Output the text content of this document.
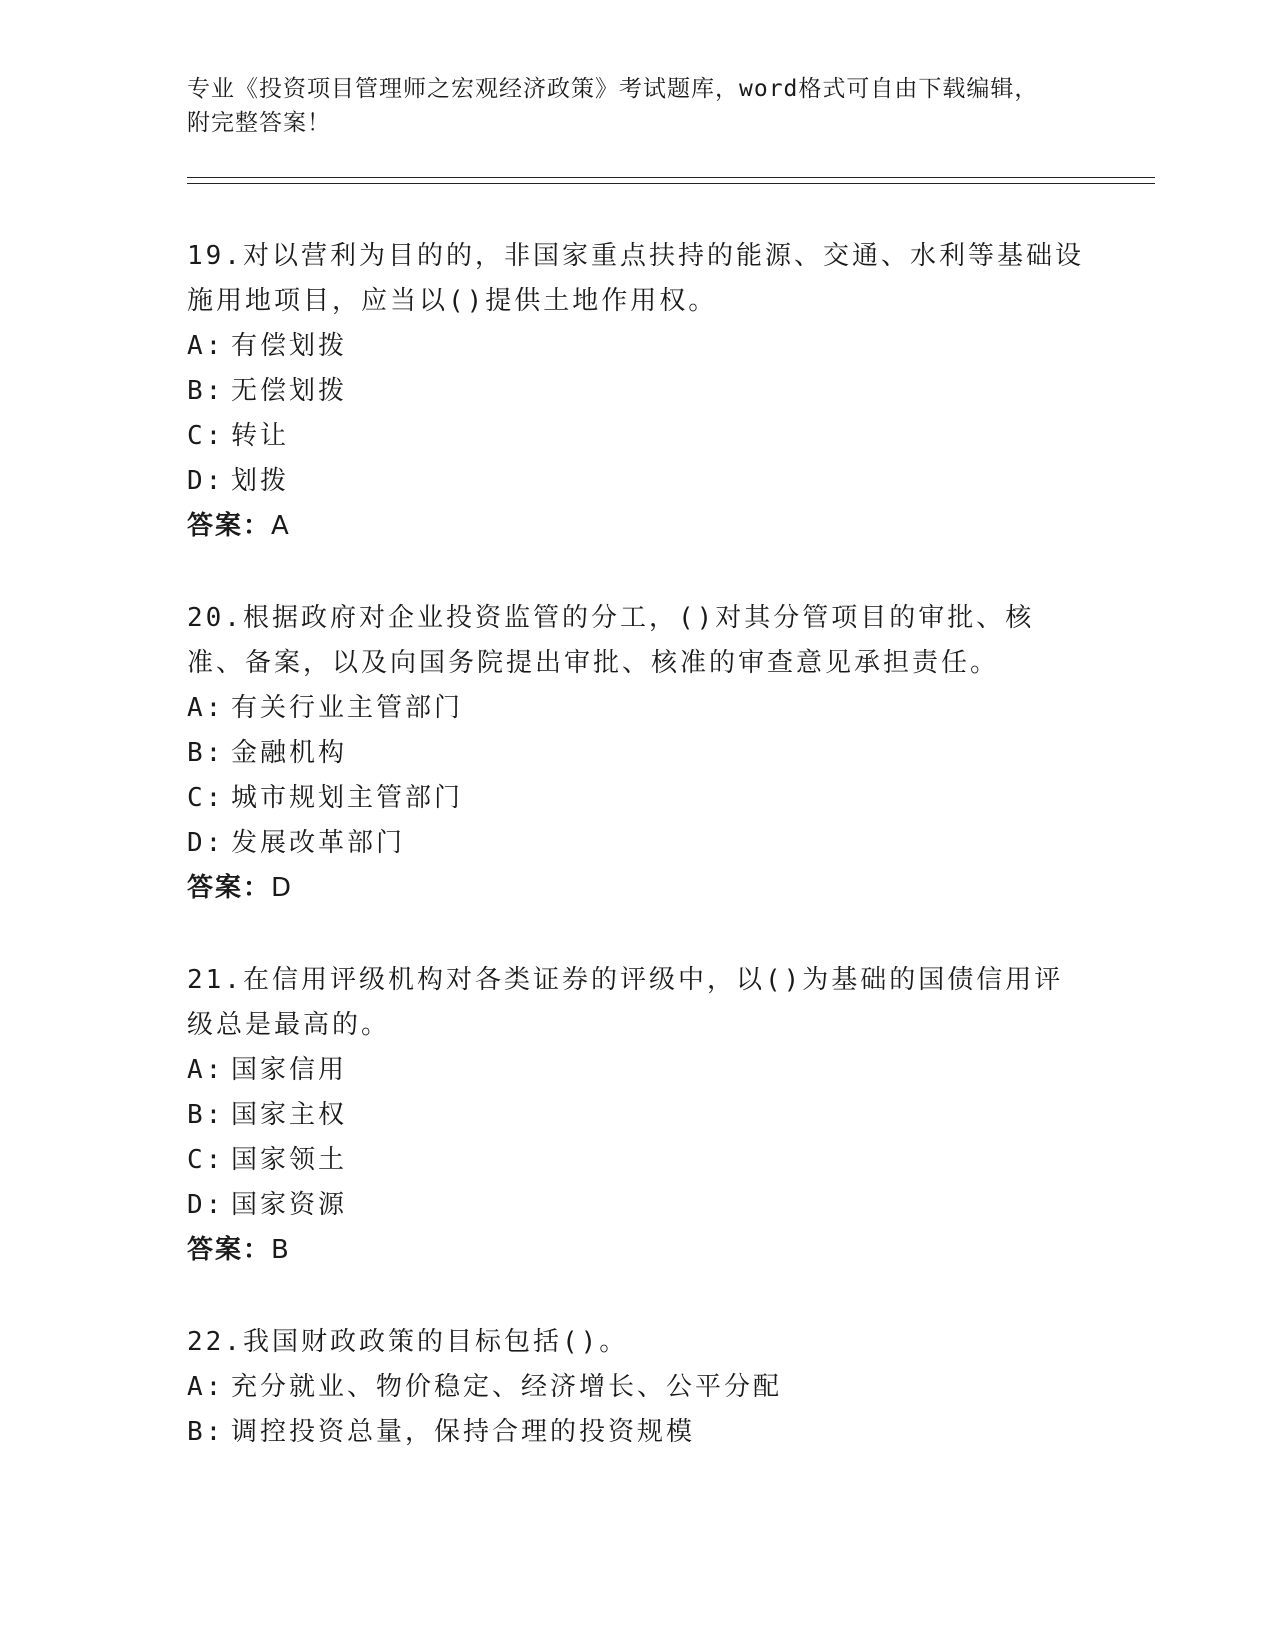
专业《投资项目管理师之宏观经济政策》考试题库，word格式可自由下载编辑，
附完整答案！

19.对以营利为目的的，非国家重点扶持的能源、交通、水利等基础设施用地项目，应当以()提供土地作用权。

A: 有偿划拨

B: 无偿划拨

C: 转让

D: 划拨

答案：A

20.根据政府对企业投资监管的分工，()对其分管项目的审批、核准、备案，以及向国务院提出审批、核准的审查意见承担责任。

A: 有关行业主管部门

B: 金融机构

C: 城市规划主管部门

D: 发展改革部门

答案：D

21.在信用评级机构对各类证券的评级中，以()为基础的国债信用评级总是最高的。

A: 国家信用

B: 国家主权

C: 国家领土

D: 国家资源

答案：B

22.我国财政政策的目标包括()。

A: 充分就业、物价稳定、经济增长、公平分配

B: 调控投资总量，保持合理的投资规模
